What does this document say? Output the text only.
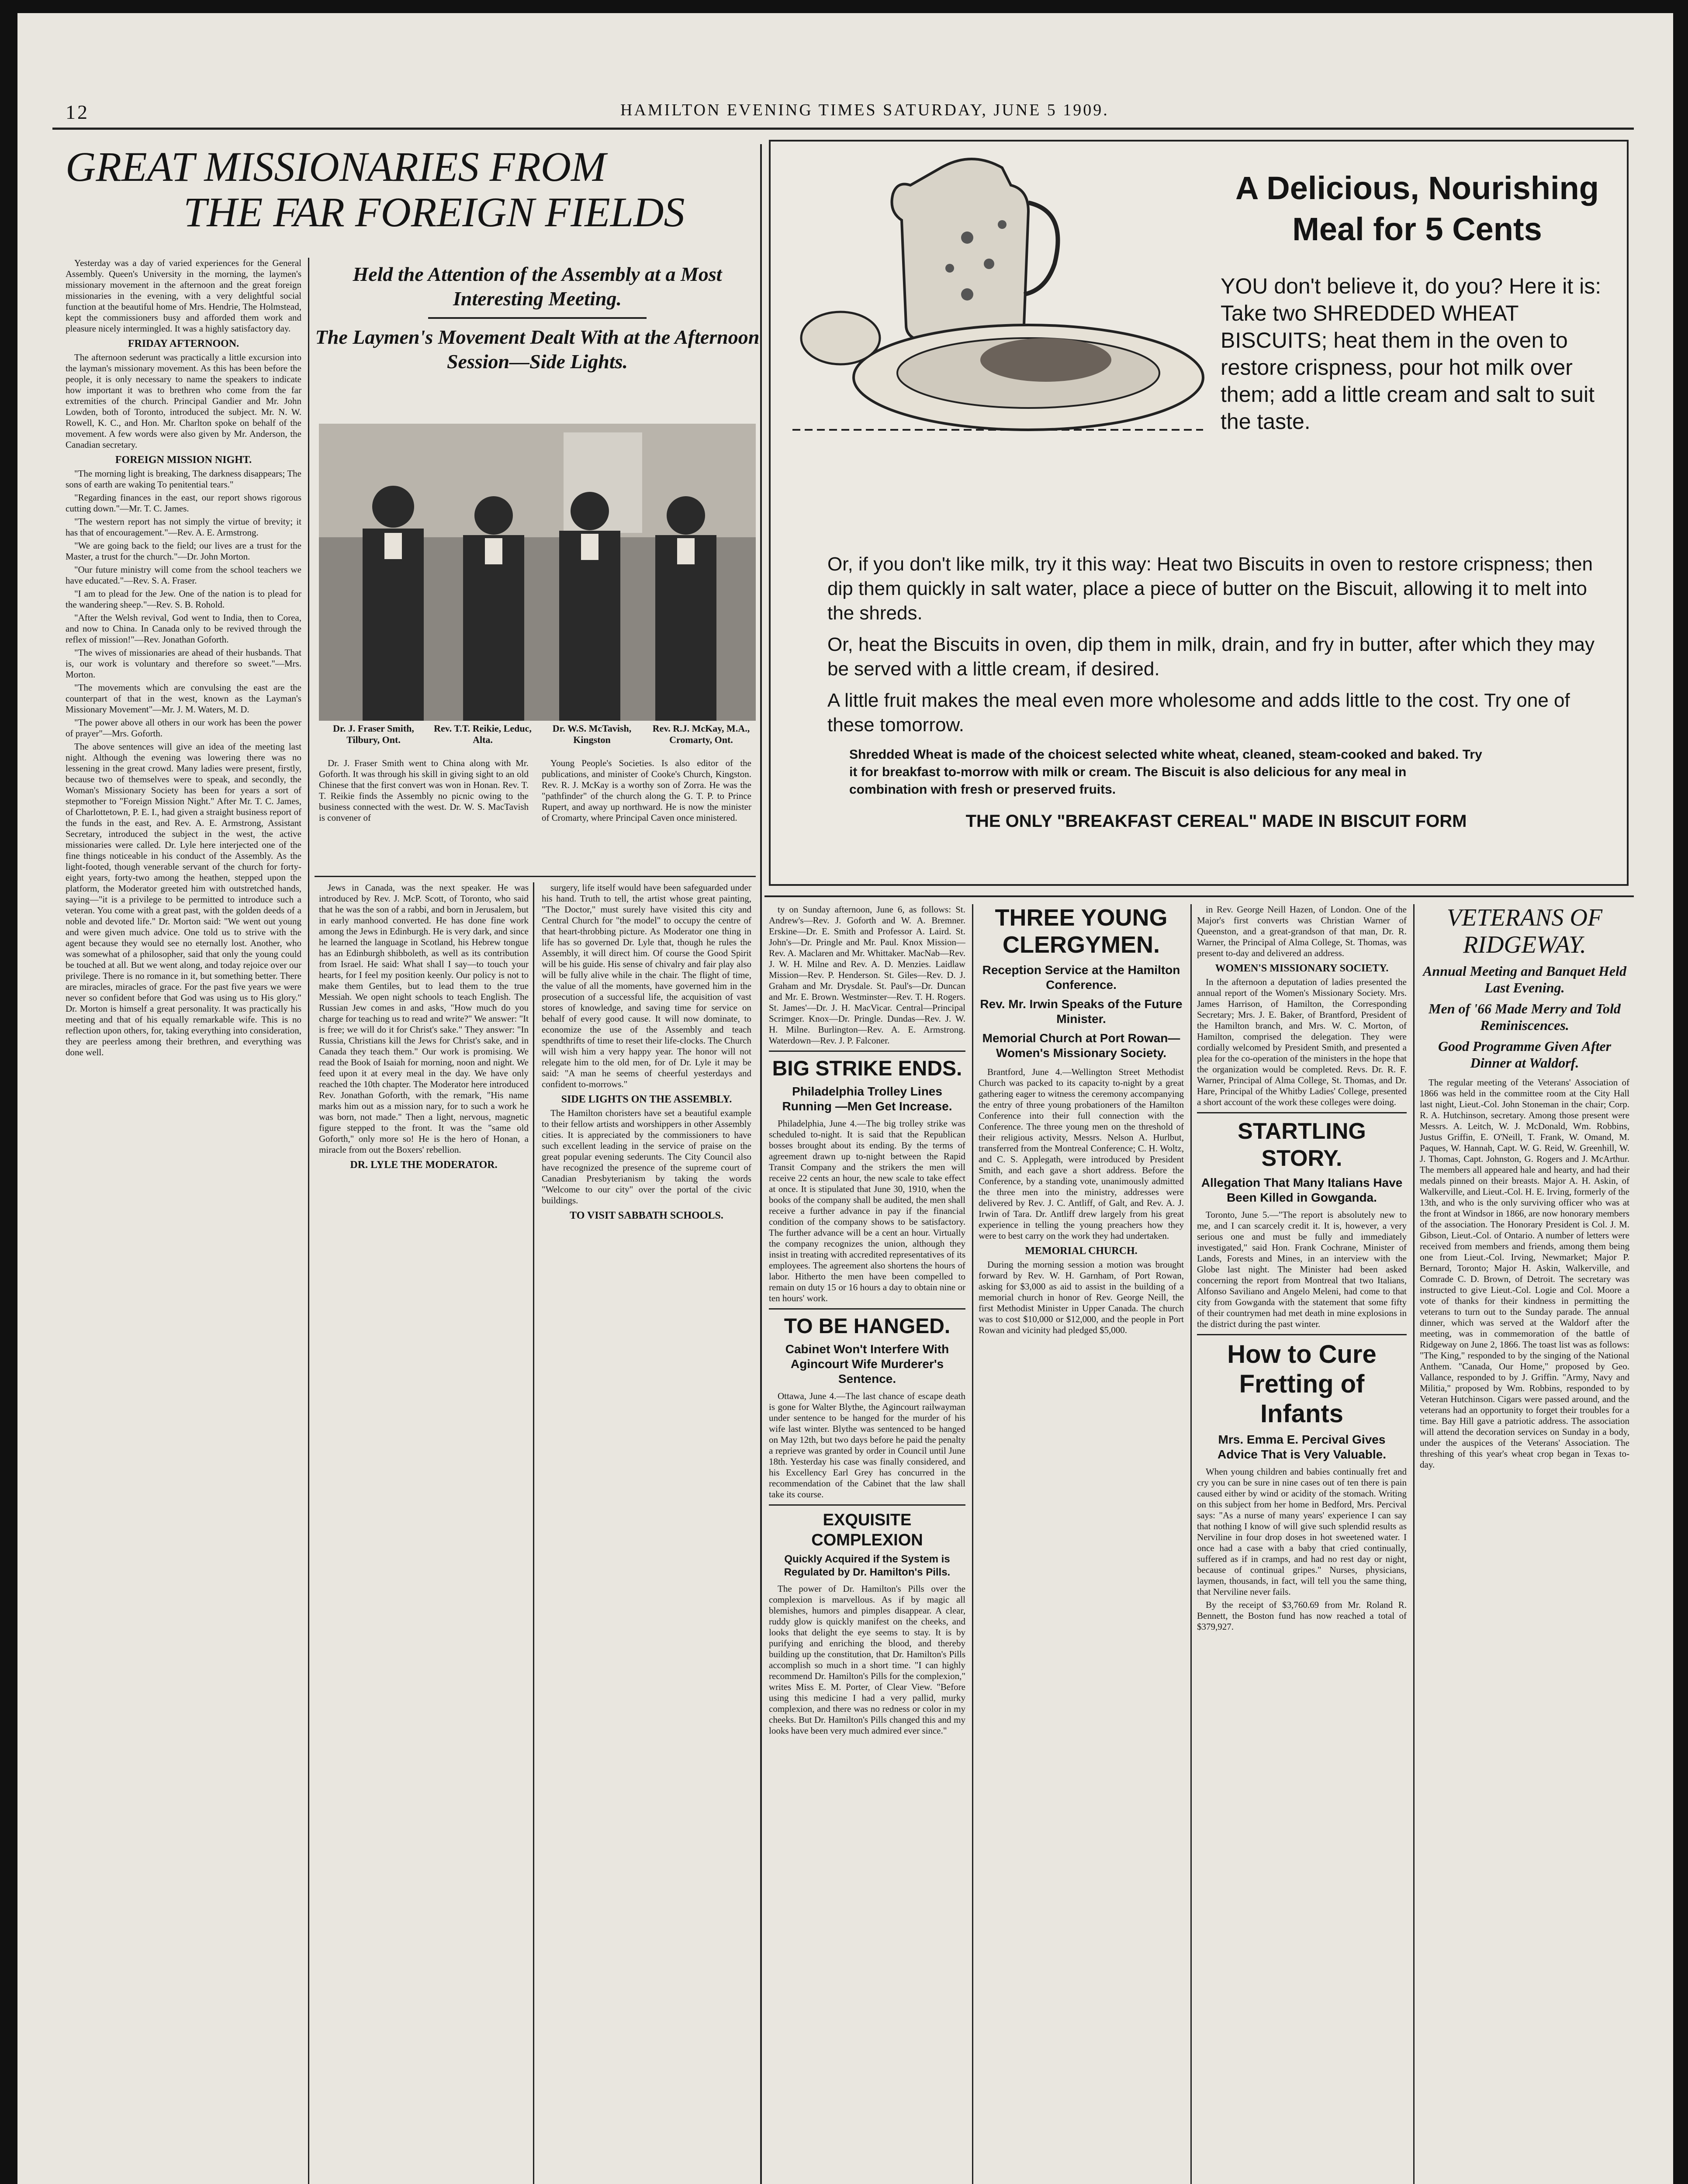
12	HAMILTON EVENING TIMES SATURDAY, JUNE 5 1909.
GREAT MISSIONARIES FROM
THE FAR FOREIGN FIELDS

Yesterday was a day of varied experiences for the General Assembly. Queen's University in the morning, the laymen's missionary movement in the afternoon and the great foreign missionaries in the evening, with a very delightful social function at the beautiful home of Mrs. Hendrie, The Holmstead, kept the commissioners busy and afforded them work and pleasure nicely intermingled. It was a highly satisfactory day.

FRIDAY AFTERNOON.

The afternoon sederunt was practically a little excursion into the layman's missionary movement. As this has been before the people, it is only necessary to name the speakers to indicate how important it was to brethren who come from the far extremities of the church. Principal Gandier and Mr. John Lowden, both of Toronto, introduced the subject. Mr. N. W. Rowell, K. C., and Hon. Mr. Charlton spoke on behalf of the movement. A few words were also given by Mr. Anderson, the Canadian secretary.

FOREIGN MISSION NIGHT.

"The morning light is breaking, The darkness disappears; The sons of earth are waking To penitential tears."

"Regarding finances in the east, our report shows rigorous cutting down."—Mr. T. C. James.

"The western report has not simply the virtue of brevity; it has that of encouragement."—Rev. A. E. Armstrong.

"We are going back to the field; our lives are a trust for the Master, a trust for the church."—Dr. John Morton.

"Our future ministry will come from the school teachers we have educated."—Rev. S. A. Fraser.

"I am to plead for the Jew. One of the nation is to plead for the wandering sheep."—Rev. S. B. Rohold.

"After the Welsh revival, God went to India, then to Corea, and now to China. In Canada only to be revived through the reflex of mission!"—Rev. Jonathan Goforth.

"The wives of missionaries are ahead of their husbands. That is, our work is voluntary and therefore so sweet."—Mrs. Morton.

"The movements which are convulsing the east are the counterpart of that in the west, known as the Layman's Missionary Movement"—Mr. J. M. Waters, M. D.

"The power above all others in our work has been the power of prayer"—Mrs. Goforth.

The above sentences will give an idea of the meeting last night. Although the evening was lowering there was no lessening in the great crowd. Many ladies were present, firstly, because two of themselves were to speak, and secondly, the Woman's Missionary Society has been for years a sort of stepmother to "Foreign Mission Night." After Mr. T. C. James, of Charlottetown, P. E. I., had given a straight business report of the funds in the east, and Rev. A. E. Armstrong, Assistant Secretary, introduced the subject in the west, the active missionaries were called. Dr. Lyle here interjected one of the fine things noticeable in his conduct of the Assembly. As the light-footed, though venerable servant of the church for forty-eight years, forty-two among the heathen, stepped upon the platform, the Moderator greeted him with outstretched hands, saying—"it is a privilege to be permitted to introduce such a veteran. You come with a great past, with the golden deeds of a noble and devoted life." Dr. Morton said: "We went out young and were given much advice. One told us to strive with the agent because they would see no eternally lost. Another, who was somewhat of a philosopher, said that only the young could be touched at all. But we went along, and today rejoice over our privilege. There is no romance in it, but something better. There are miracles, miracles of grace. For the past five years we were never so confident before that God was using us to His glory." Dr. Morton is himself a great personality. It was practically his meeting and that of his equally remarkable wife. This is no reflection upon others, for, taking everything into consideration, they are peerless among their brethren, and everything was done well.

Held the Attention of the Assembly at a Most Interesting Meeting.
The Laymen's Movement Dealt With at the Afternoon Session—Side Lights.
Dr. J. Fraser Smith, Tilbury, Ont.
Rev. T.T. Reikie, Leduc, Alta.
Dr. W.S. McTavish, Kingston
Rev. R.J. McKay, M.A., Cromarty, Ont.

Dr. J. Fraser Smith went to China along with Mr. Goforth. It was through his skill in giving sight to an old Chinese that the first convert was won in Honan. Rev. T. T. Reikie finds the Assembly no picnic owing to the business connected with the west. Dr. W. S. MacTavish is convener of

Young People's Societies. Is also editor of the publications, and minister of Cooke's Church, Kingston. Rev. R. J. McKay is a worthy son of Zorra. He was the "pathfinder" of the church along the G. T. P. to Prince Rupert, and away up northward. He is now the minister of Cromarty, where Principal Caven once ministered.

Jews in Canada, was the next speaker. He was introduced by Rev. J. McP. Scott, of Toronto, who said that he was the son of a rabbi, and born in Jerusalem, but in early manhood converted. He has done fine work among the Jews in Edinburgh. He is very dark, and since he learned the language in Scotland, his Hebrew tongue has an Edinburgh shibboleth, as well as its contribution from Israel. He said: What shall I say—to touch your hearts, for I feel my position keenly. Our policy is not to make them Gentiles, but to lead them to the true Messiah. We open night schools to teach English. The Russian Jew comes in and asks, "How much do you charge for teaching us to read and write?" We answer: "It is free; we will do it for Christ's sake." They answer: "In Russia, Christians kill the Jews for Christ's sake, and in Canada they teach them." Our work is promising. We read the Book of Isaiah for morning, noon and night. We feed upon it at every meal in the day. We have only reached the 10th chapter. The Moderator here introduced Rev. Jonathan Goforth, with the remark, "His name marks him out as a mission nary, for to such a work he was born, not made." Then a light, nervous, magnetic figure stepped to the front. It was the "same old Goforth," only more so! He is the hero of Honan, a miracle from out the Boxers' rebellion.

DR. LYLE THE MODERATOR.

surgery, life itself would have been safeguarded under his hand. Truth to tell, the artist whose great painting, "The Doctor," must surely have visited this city and Central Church for "the model" to occupy the centre of that heart-throbbing picture. As Moderator one thing in life has so governed Dr. Lyle that, though he rules the Assembly, it will direct him. Of course the Good Spirit will be his guide. His sense of chivalry and fair play also will be fully alive while in the chair. The flight of time, the value of all the moments, have governed him in the prosecution of a successful life, the acquisition of vast stores of knowledge, and saving time for service on behalf of every good cause. It will now dominate, to economize the use of the Assembly and teach spendthrifts of time to reset their life-clocks. The Church will wish him a very happy year. The honor will not relegate him to the old men, for of Dr. Lyle it may be said: "A man he seems of cheerful yesterdays and confident to-morrows."

SIDE LIGHTS ON THE ASSEMBLY.

The Hamilton choristers have set a beautiful example to their fellow artists and worshippers in other Assembly cities. It is appreciated by the commissioners to have such excellent leading in the service of praise on the great popular evening sederunts. The City Council also have recognized the presence of the supreme court of Canadian Presbyterianism by taking the words "Welcome to our city" over the portal of the civic buildings.

TO VISIT SABBATH SCHOOLS.
A Delicious, Nourishing Meal for 5 Cents
YOU don't believe it, do you? Here it is: Take two SHREDDED WHEAT BISCUITS; heat them in the oven to restore crispness, pour hot milk over them; add a little cream and salt to suit the taste.

Or, if you don't like milk, try it this way: Heat two Biscuits in oven to restore crispness; then dip them quickly in salt water, place a piece of butter on the Biscuit, allowing it to melt into the shreds.

Or, heat the Biscuits in oven, dip them in milk, drain, and fry in butter, after which they may be served with a little cream, if desired.

A little fruit makes the meal even more wholesome and adds little to the cost. Try one of these tomorrow.

Shredded Wheat is made of the choicest selected white wheat, cleaned, steam-cooked and baked. Try it for breakfast to-morrow with milk or cream. The Biscuit is also delicious for any meal in combination with fresh or preserved fruits.

THE ONLY "BREAKFAST CEREAL" MADE IN BISCUIT FORM

ty on Sunday afternoon, June 6, as follows: St. Andrew's—Rev. J. Goforth and W. A. Bremner. Erskine—Dr. E. Smith and Professor A. Laird. St. John's—Dr. Pringle and Mr. Paul. Knox Mission—Rev. A. Maclaren and Mr. Whittaker. MacNab—Rev. J. W. H. Milne and Rev. A. D. Menzies. Laidlaw Mission—Rev. P. Henderson. St. Giles—Rev. D. J. Graham and Mr. Drysdale. St. Paul's—Dr. Duncan and Mr. E. Brown. Westminster—Rev. T. H. Rogers. St. James'—Dr. J. H. MacVicar. Central—Principal Scrimger. Knox—Dr. Pringle. Dundas—Rev. J. W. H. Milne. Burlington—Rev. A. E. Armstrong. Waterdown—Rev. J. P. Falconer.

BIG STRIKE ENDS.
Philadelphia Trolley Lines Running —Men Get Increase.

Philadelphia, June 4.—The big trolley strike was scheduled to-night. It is said that the Republican bosses brought about its ending. By the terms of agreement drawn up to-night between the Rapid Transit Company and the strikers the men will receive 22 cents an hour, the new scale to take effect at once. It is stipulated that June 30, 1910, when the books of the company shall be audited, the men shall receive a further advance in pay if the financial condition of the company shows to be satisfactory. The further advance will be a cent an hour. Virtually the company recognizes the union, although they insist in treating with accredited representatives of its employees. The agreement also shortens the hours of labor. Hitherto the men have been compelled to remain on duty 15 or 16 hours a day to obtain nine or ten hours' work.

TO BE HANGED.
Cabinet Won't Interfere With Agincourt Wife Murderer's Sentence.

Ottawa, June 4.—The last chance of escape death is gone for Walter Blythe, the Agincourt railwayman under sentence to be hanged for the murder of his wife last winter. Blythe was sentenced to be hanged on May 12th, but two days before he paid the penalty a reprieve was granted by order in Council until June 18th. Yesterday his case was finally considered, and his Excellency Earl Grey has concurred in the recommendation of the Cabinet that the law shall take its course.

EXQUISITE COMPLEXION
Quickly Acquired if the System is Regulated by Dr. Hamilton's Pills.

The power of Dr. Hamilton's Pills over the complexion is marvellous. As if by magic all blemishes, humors and pimples disappear. A clear, ruddy glow is quickly manifest on the cheeks, and looks that delight the eye seems to stay. It is by purifying and enriching the blood, and thereby building up the constitution, that Dr. Hamilton's Pills accomplish so much in a short time. "I can highly recommend Dr. Hamilton's Pills for the complexion," writes Miss E. M. Porter, of Clear View. "Before using this medicine I had a very pallid, murky complexion, and there was no redness or color in my cheeks. But Dr. Hamilton's Pills changed this and my looks have been very much admired ever since."

THREE YOUNG CLERGYMEN.
Reception Service at the Hamilton Conference.
Rev. Mr. Irwin Speaks of the Future Minister.
Memorial Church at Port Rowan—Women's Missionary Society.

Brantford, June 4.—Wellington Street Methodist Church was packed to its capacity to-night by a great gathering eager to witness the ceremony accompanying the entry of three young probationers of the Hamilton Conference into their full connection with the Conference. The three young men on the threshold of their religious activity, Messrs. Nelson A. Hurlbut, transferred from the Montreal Conference; C. H. Woltz, and C. S. Applegath, were introduced by President Smith, and each gave a short address. Before the Conference, by a standing vote, unanimously admitted the three men into the ministry, addresses were delivered by Rev. J. C. Antliff, of Galt, and Rev. A. J. Irwin of Tara. Dr. Antliff drew largely from his great experience in telling the young preachers how they were to best carry on the work they had undertaken.

MEMORIAL CHURCH.

During the morning session a motion was brought forward by Rev. W. H. Garnham, of Port Rowan, asking for $3,000 as aid to assist in the building of a memorial church in honor of Rev. George Neill, the first Methodist Minister in Upper Canada. The church was to cost $10,000 or $12,000, and the people in Port Rowan and vicinity had pledged $5,000.

in Rev. George Neill Hazen, of London. One of the Major's first converts was Christian Warner of Queenston, and a great-grandson of that man, Dr. R. Warner, the Principal of Alma College, St. Thomas, was present to-day and delivered an address.

WOMEN'S MISSIONARY SOCIETY.

In the afternoon a deputation of ladies presented the annual report of the Women's Missionary Society. Mrs. James Harrison, of Hamilton, the Corresponding Secretary; Mrs. J. E. Baker, of Brantford, President of the Hamilton branch, and Mrs. W. C. Morton, of Hamilton, comprised the delegation. They were cordially welcomed by President Smith, and presented a plea for the co-operation of the ministers in the hope that the organization would be completed. Revs. Dr. R. F. Warner, Principal of Alma College, St. Thomas, and Dr. Hare, Principal of the Whitby Ladies' College, presented a short account of the work these colleges were doing.

STARTLING STORY.
Allegation That Many Italians Have Been Killed in Gowganda.

Toronto, June 5.—"The report is absolutely new to me, and I can scarcely credit it. It is, however, a very serious one and must be fully and immediately investigated," said Hon. Frank Cochrane, Minister of Lands, Forests and Mines, in an interview with the Globe last night. The Minister had been asked concerning the report from Montreal that two Italians, Alfonso Saviliano and Angelo Meleni, had come to that city from Gowganda with the statement that some fifty of their countrymen had met death in mine explosions in the district during the past winter.

How to Cure Fretting of Infants
Mrs. Emma E. Percival Gives Advice That is Very Valuable.

When young children and babies continually fret and cry you can be sure in nine cases out of ten there is pain caused either by wind or acidity of the stomach. Writing on this subject from her home in Bedford, Mrs. Percival says: "As a nurse of many years' experience I can say that nothing I know of will give such splendid results as Nerviline in four drop doses in hot sweetened water. I once had a case with a baby that cried continually, suffered as if in cramps, and had no rest day or night, because of continual gripes." Nurses, physicians, laymen, thousands, in fact, will tell you the same thing, that Nerviline never fails.

By the receipt of $3,760.69 from Mr. Roland R. Bennett, the Boston fund has now reached a total of $379,927.

VETERANS OF RIDGEWAY.
Annual Meeting and Banquet Held Last Evening.
Men of '66 Made Merry and Told Reminiscences.
Good Programme Given After Dinner at Waldorf.

The regular meeting of the Veterans' Association of 1866 was held in the committee room at the City Hall last night, Lieut.-Col. John Stoneman in the chair; Corp. R. A. Hutchinson, secretary. Among those present were Messrs. A. Leitch, W. J. McDonald, Wm. Robbins, Justus Griffin, E. O'Neill, T. Frank, W. Omand, M. Paques, W. Hannah, Capt. W. G. Reid, W. Greenhill, W. J. Thomas, Capt. Johnston, G. Rogers and J. McArthur. The members all appeared hale and hearty, and had their medals pinned on their breasts. Major A. H. Askin, of Walkerville, and Lieut.-Col. H. E. Irving, formerly of the 13th, and who is the only surviving officer who was at the front at Windsor in 1866, are now honorary members of the association. The Honorary President is Col. J. M. Gibson, Lieut.-Col. of Ontario. A number of letters were received from members and friends, among them being one from Lieut.-Col. Irving, Newmarket; Major P. Bernard, Toronto; Major H. Askin, Walkerville, and Comrade C. D. Brown, of Detroit. The secretary was instructed to give Lieut.-Col. Logie and Col. Moore a vote of thanks for their kindness in permitting the veterans to turn out to the Sunday parade. The annual dinner, which was served at the Waldorf after the meeting, was in commemoration of the battle of Ridgeway on June 2, 1866. The toast list was as follows: "The King," responded to by the singing of the National Anthem. "Canada, Our Home," proposed by Geo. Vallance, responded to by J. Griffin. "Army, Navy and Militia," proposed by Wm. Robbins, responded to by Veteran Hutchinson. Cigars were passed around, and the veterans had an opportunity to forget their troubles for a time. Bay Hill gave a patriotic address. The association will attend the decoration services on Sunday in a body, under the auspices of the Veterans' Association. The threshing of this year's wheat crop began in Texas to-day.
